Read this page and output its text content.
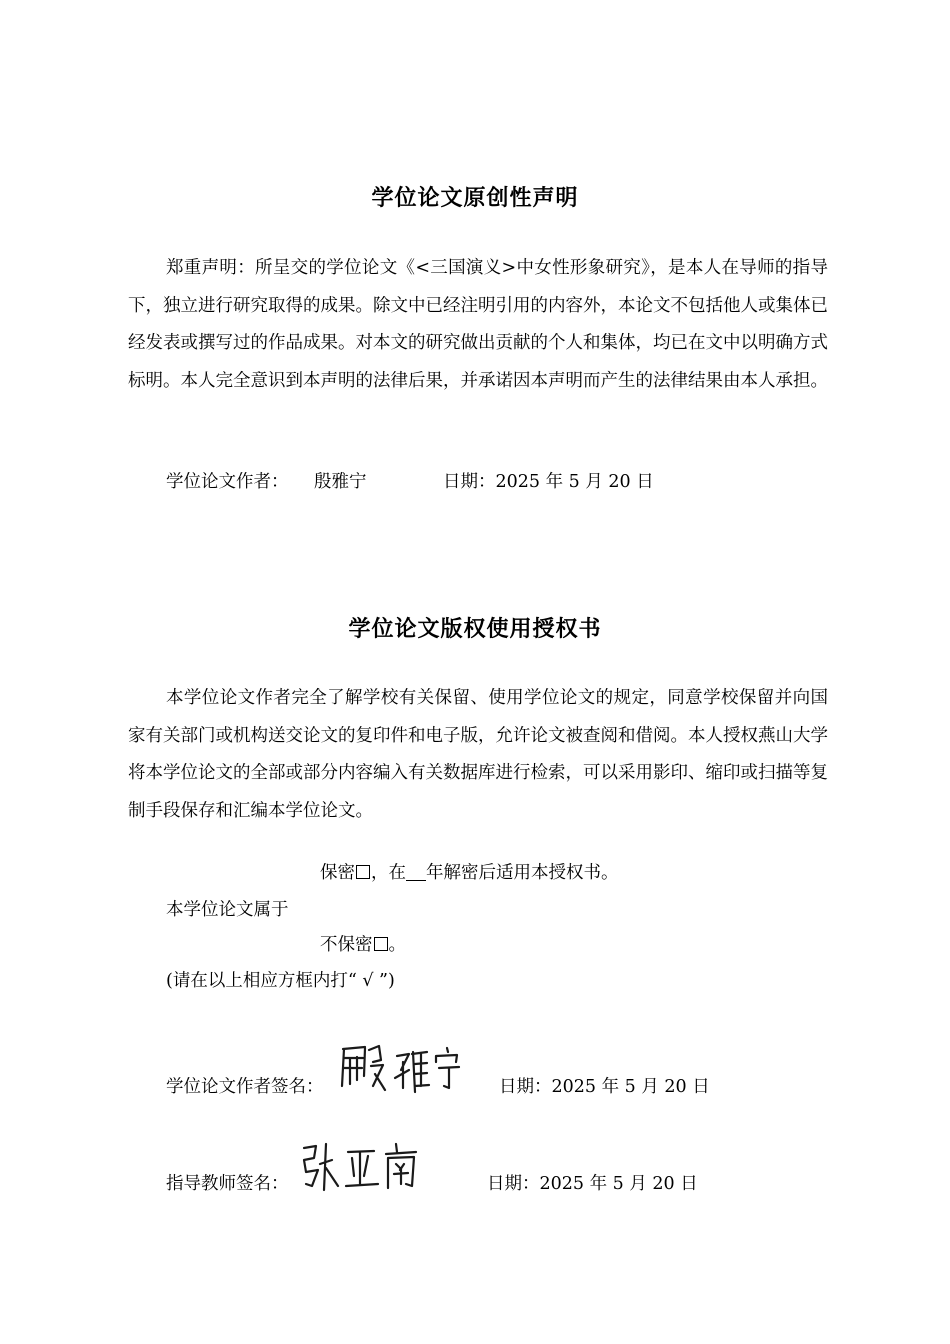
学位论文原创性声明
郑重声明：所呈交的学位论文《<三国演义>中女性形象研究》，是本人在导师的指导下，独立进行研究取得的成果。除文中已经注明引用的内容外，本论文不包括他人或集体已经发表或撰写过的作品成果。对本文的研究做出贡献的个人和集体，均已在文中以明确方式标明。本人完全意识到本声明的法律后果，并承诺因本声明而产生的法律结果由本人承担。
学位论文作者： 殷雅宁	日期：2025 年 5 月 20 日
学位论文版权使用授权书
本学位论文作者完全了解学校有关保留、使用学位论文的规定，同意学校保留并向国家有关部门或机构送交论文的复印件和电子版，允许论文被查阅和借阅。本人授权燕山大学将本学位论文的全部或部分内容编入有关数据库进行检索，可以采用影印、缩印或扫描等复制手段保存和汇编本学位论文。
保密 ，在 年解密后适用本授权书。
本学位论文属于
不保密 。
(请在以上相应方框内打“ √ ”)
学位论文作者签名：	日期：2025 年 5 月 20 日
指导教师签名：	日期：2025 年 5 月 20 日
